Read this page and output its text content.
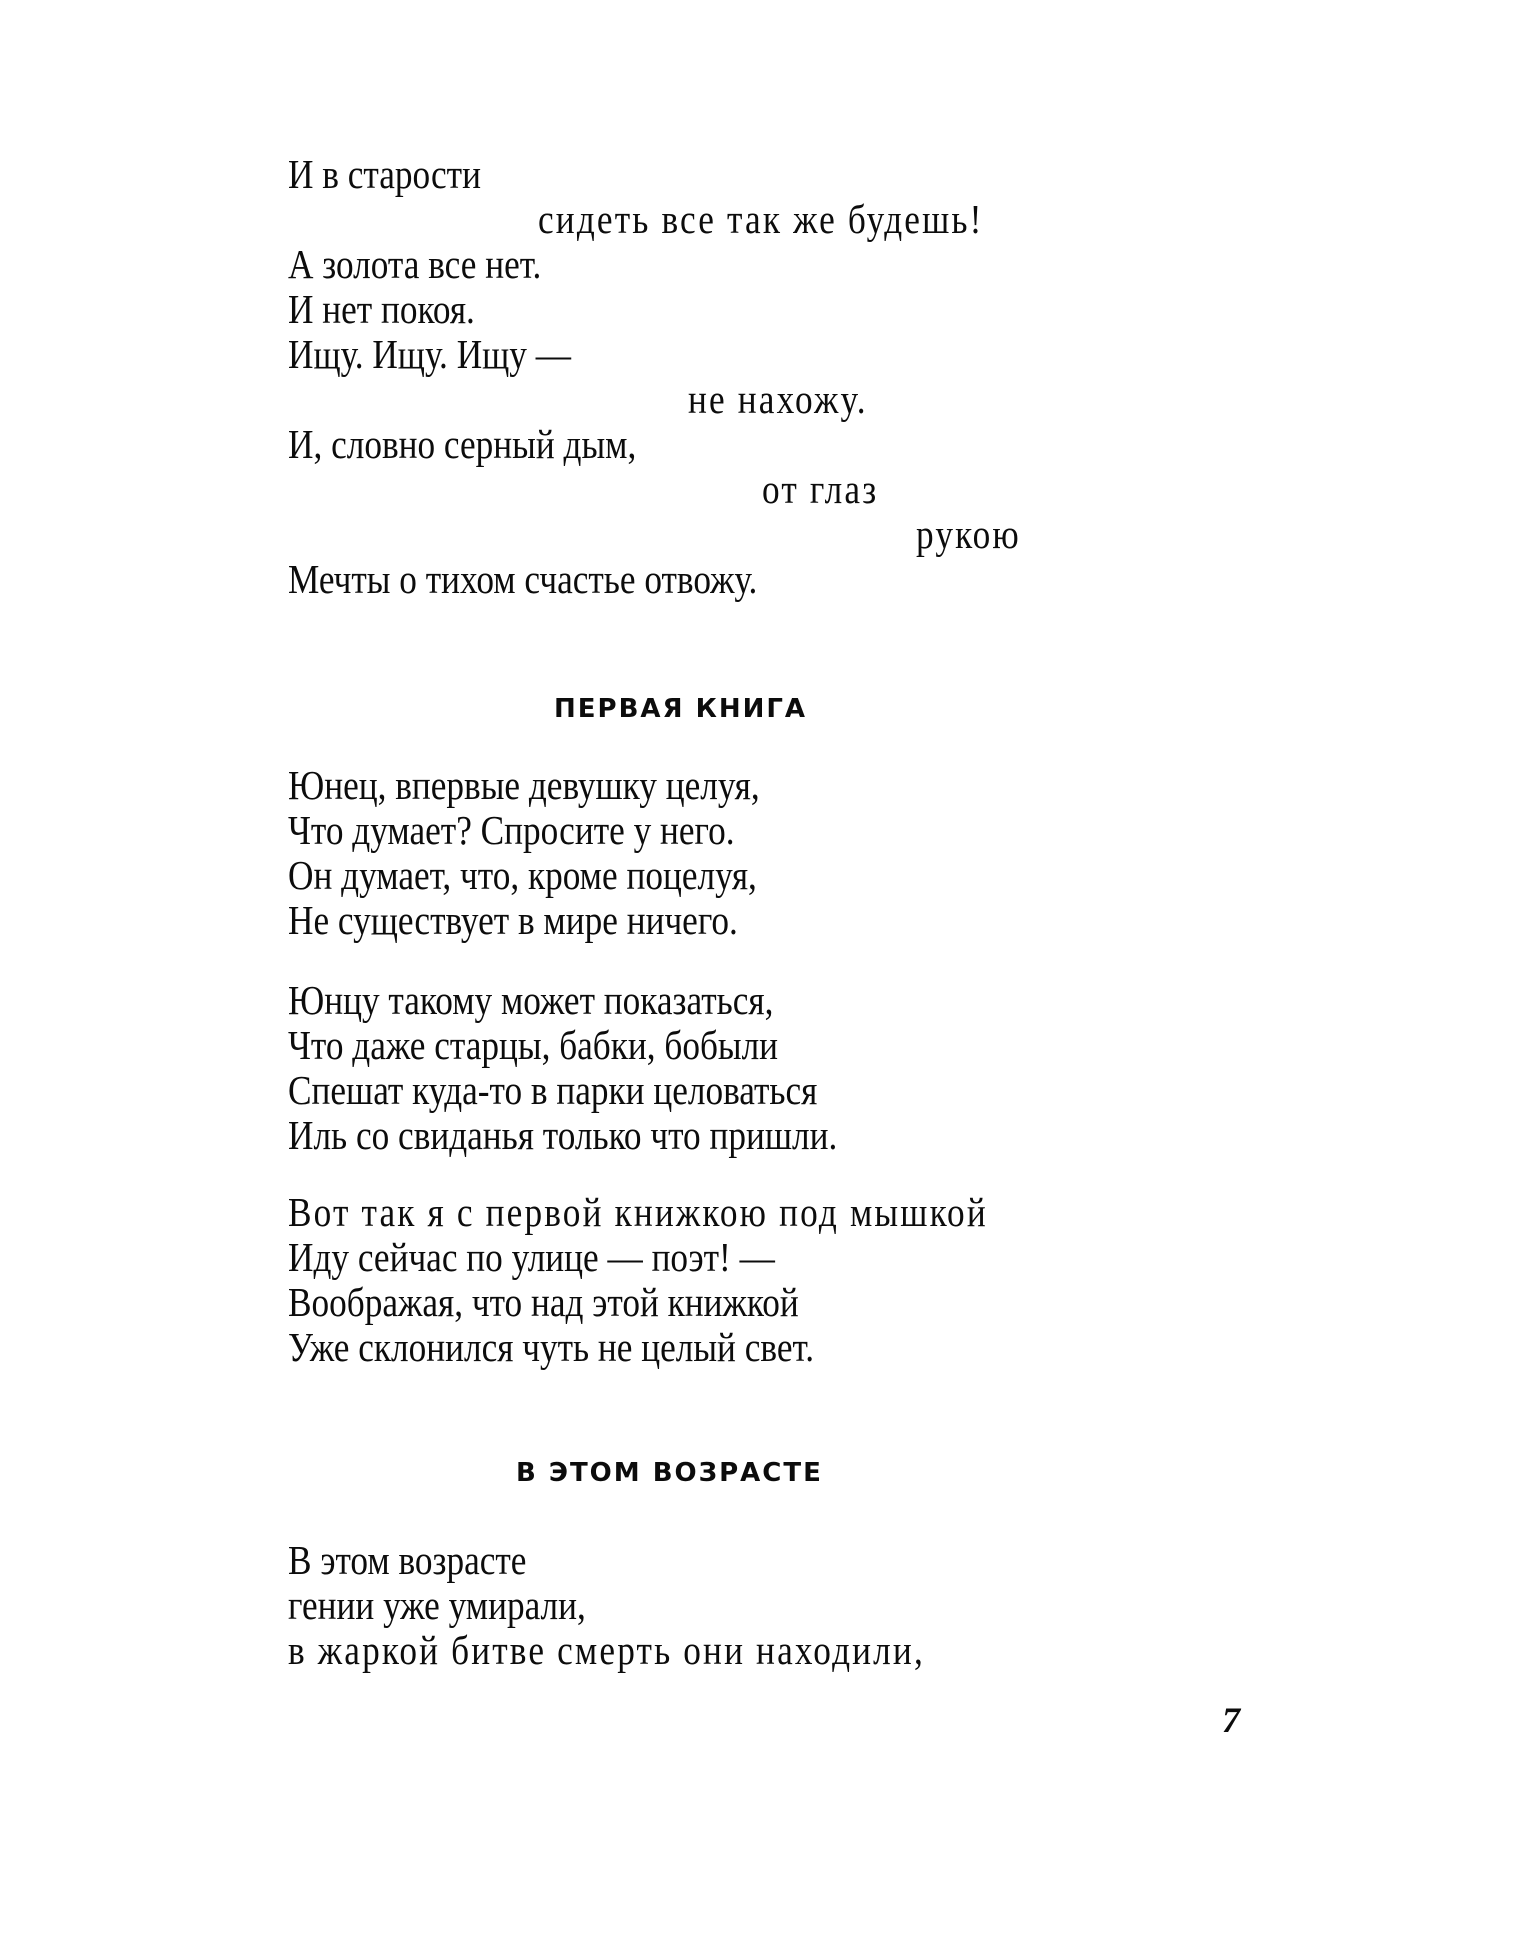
И в старости
сидеть все так же будешь!
А золота все нет.
И нет покоя.
Ищу. Ищу. Ищу —
не нахожу.
И, словно серный дым,
от глаз
рукою
Мечты о тихом счастье отвожу.
ПЕРВАЯ КНИГА
Юнец, впервые девушку целуя,
Что думает? Спросите у него.
Он думает, что, кроме поцелуя,
Не существует в мире ничего.
Юнцу такому может показаться,
Что даже старцы, бабки, бобыли
Спешат куда-то в парки целоваться
Иль со свиданья только что пришли.
Вот так я с первой книжкою под мышкой
Иду сейчас по улице — поэт! —
Воображая, что над этой книжкой
Уже склонился чуть не целый свет.
В ЭТОМ ВОЗРАСТЕ
В этом возрасте
гении уже умирали,
в жаркой битве смерть они находили,
7
